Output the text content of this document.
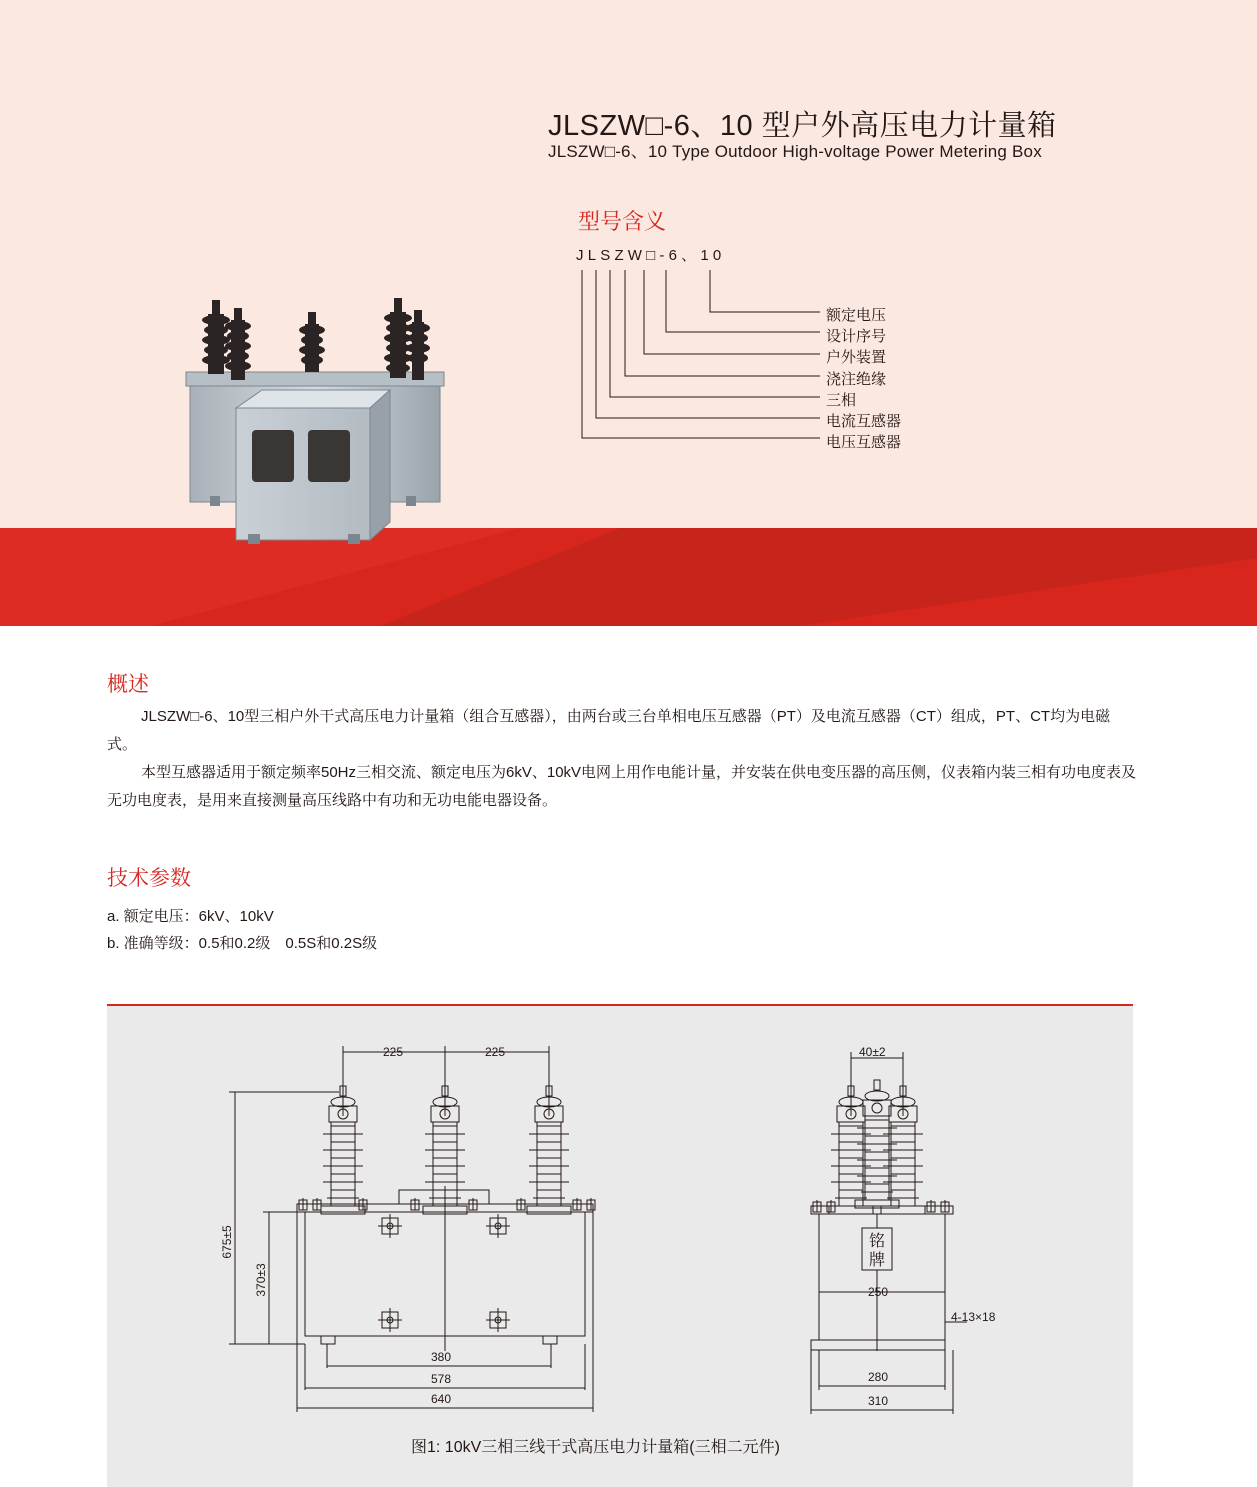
JLSZW□-6、10 型户外高压电力计量箱
JLSZW□-6、10 Type Outdoor High-voltage Power Metering Box
型号含义
JLSZW□-6、10
额定电压
设计序号
户外装置
浇注绝缘
三相
电流互感器
电压互感器
概述

JLSZW□-6、10型三相户外干式高压电力计量箱（组合互感器），由两台或三台单相电压互感器（PT）及电流互感器（CT）组成，PT、CT均为电磁式。

本型互感器适用于额定频率50Hz三相交流、额定电压为6kV、10kV电网上用作电能计量，并安装在供电变压器的高压侧，仪表箱内装三相有功电度表及无功电度表，是用来直接测量高压线路中有功和无功电能电器设备。

技术参数
a. 额定电压：6kV、10kV
b. 准确等级：0.5和0.2级　0.5S和0.2S级
225	225
675±5
370±3
380
578
640
40±2
铭
牌
250
4-13×18
280
310
图1: 10kV三相三线干式高压电力计量箱(三相二元件)
